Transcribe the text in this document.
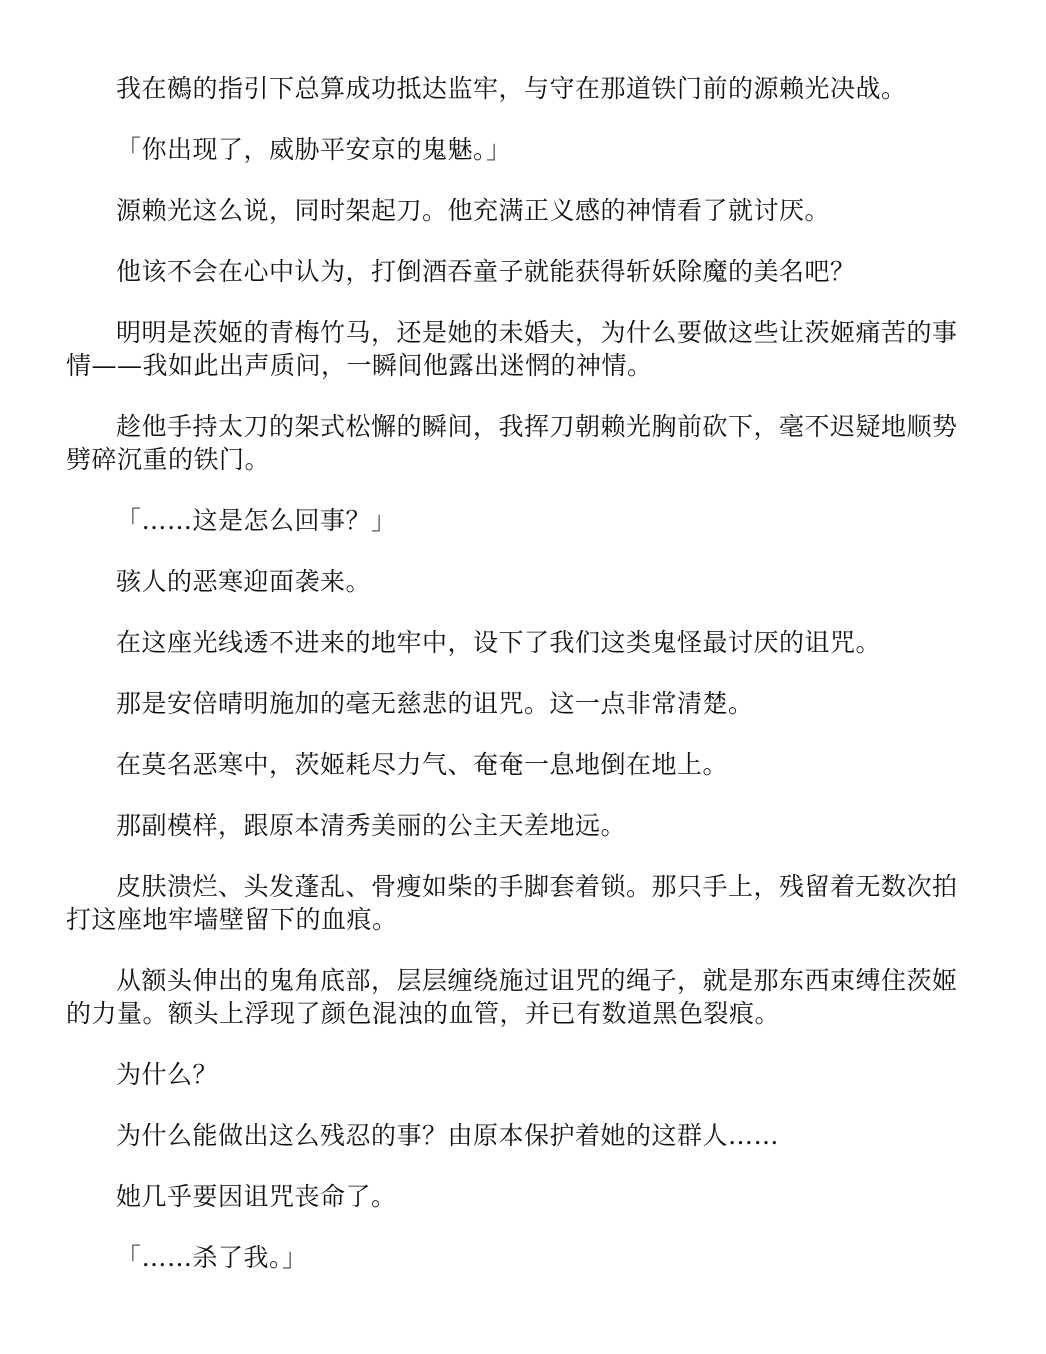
我在鵺的指引下总算成功抵达监牢，与守在那道铁门前的源赖光决战。

「你出现了，威胁平安京的鬼魅。」

源赖光这么说，同时架起刀。他充满正义感的神情看了就讨厌。

他该不会在心中认为，打倒酒吞童子就能获得斩妖除魔的美名吧？

明明是茨姬的青梅竹马，还是她的未婚夫，为什么要做这些让茨姬痛苦的事情——我如此出声质问，一瞬间他露出迷惘的神情。

趁他手持太刀的架式松懈的瞬间，我挥刀朝赖光胸前砍下，毫不迟疑地顺势劈碎沉重的铁门。

「……这是怎么回事？」

骇人的恶寒迎面袭来。

在这座光线透不进来的地牢中，设下了我们这类鬼怪最讨厌的诅咒。

那是安倍晴明施加的毫无慈悲的诅咒。这一点非常清楚。

在莫名恶寒中，茨姬耗尽力气、奄奄一息地倒在地上。

那副模样，跟原本清秀美丽的公主天差地远。

皮肤溃烂、头发蓬乱、骨瘦如柴的手脚套着锁。那只手上，残留着无数次拍打这座地牢墙壁留下的血痕。

从额头伸出的鬼角底部，层层缠绕施过诅咒的绳子，就是那东西束缚住茨姬的力量。额头上浮现了颜色混浊的血管，并已有数道黑色裂痕。

为什么？

为什么能做出这么残忍的事？由原本保护着她的这群人……

她几乎要因诅咒丧命了。

「……杀了我。」
